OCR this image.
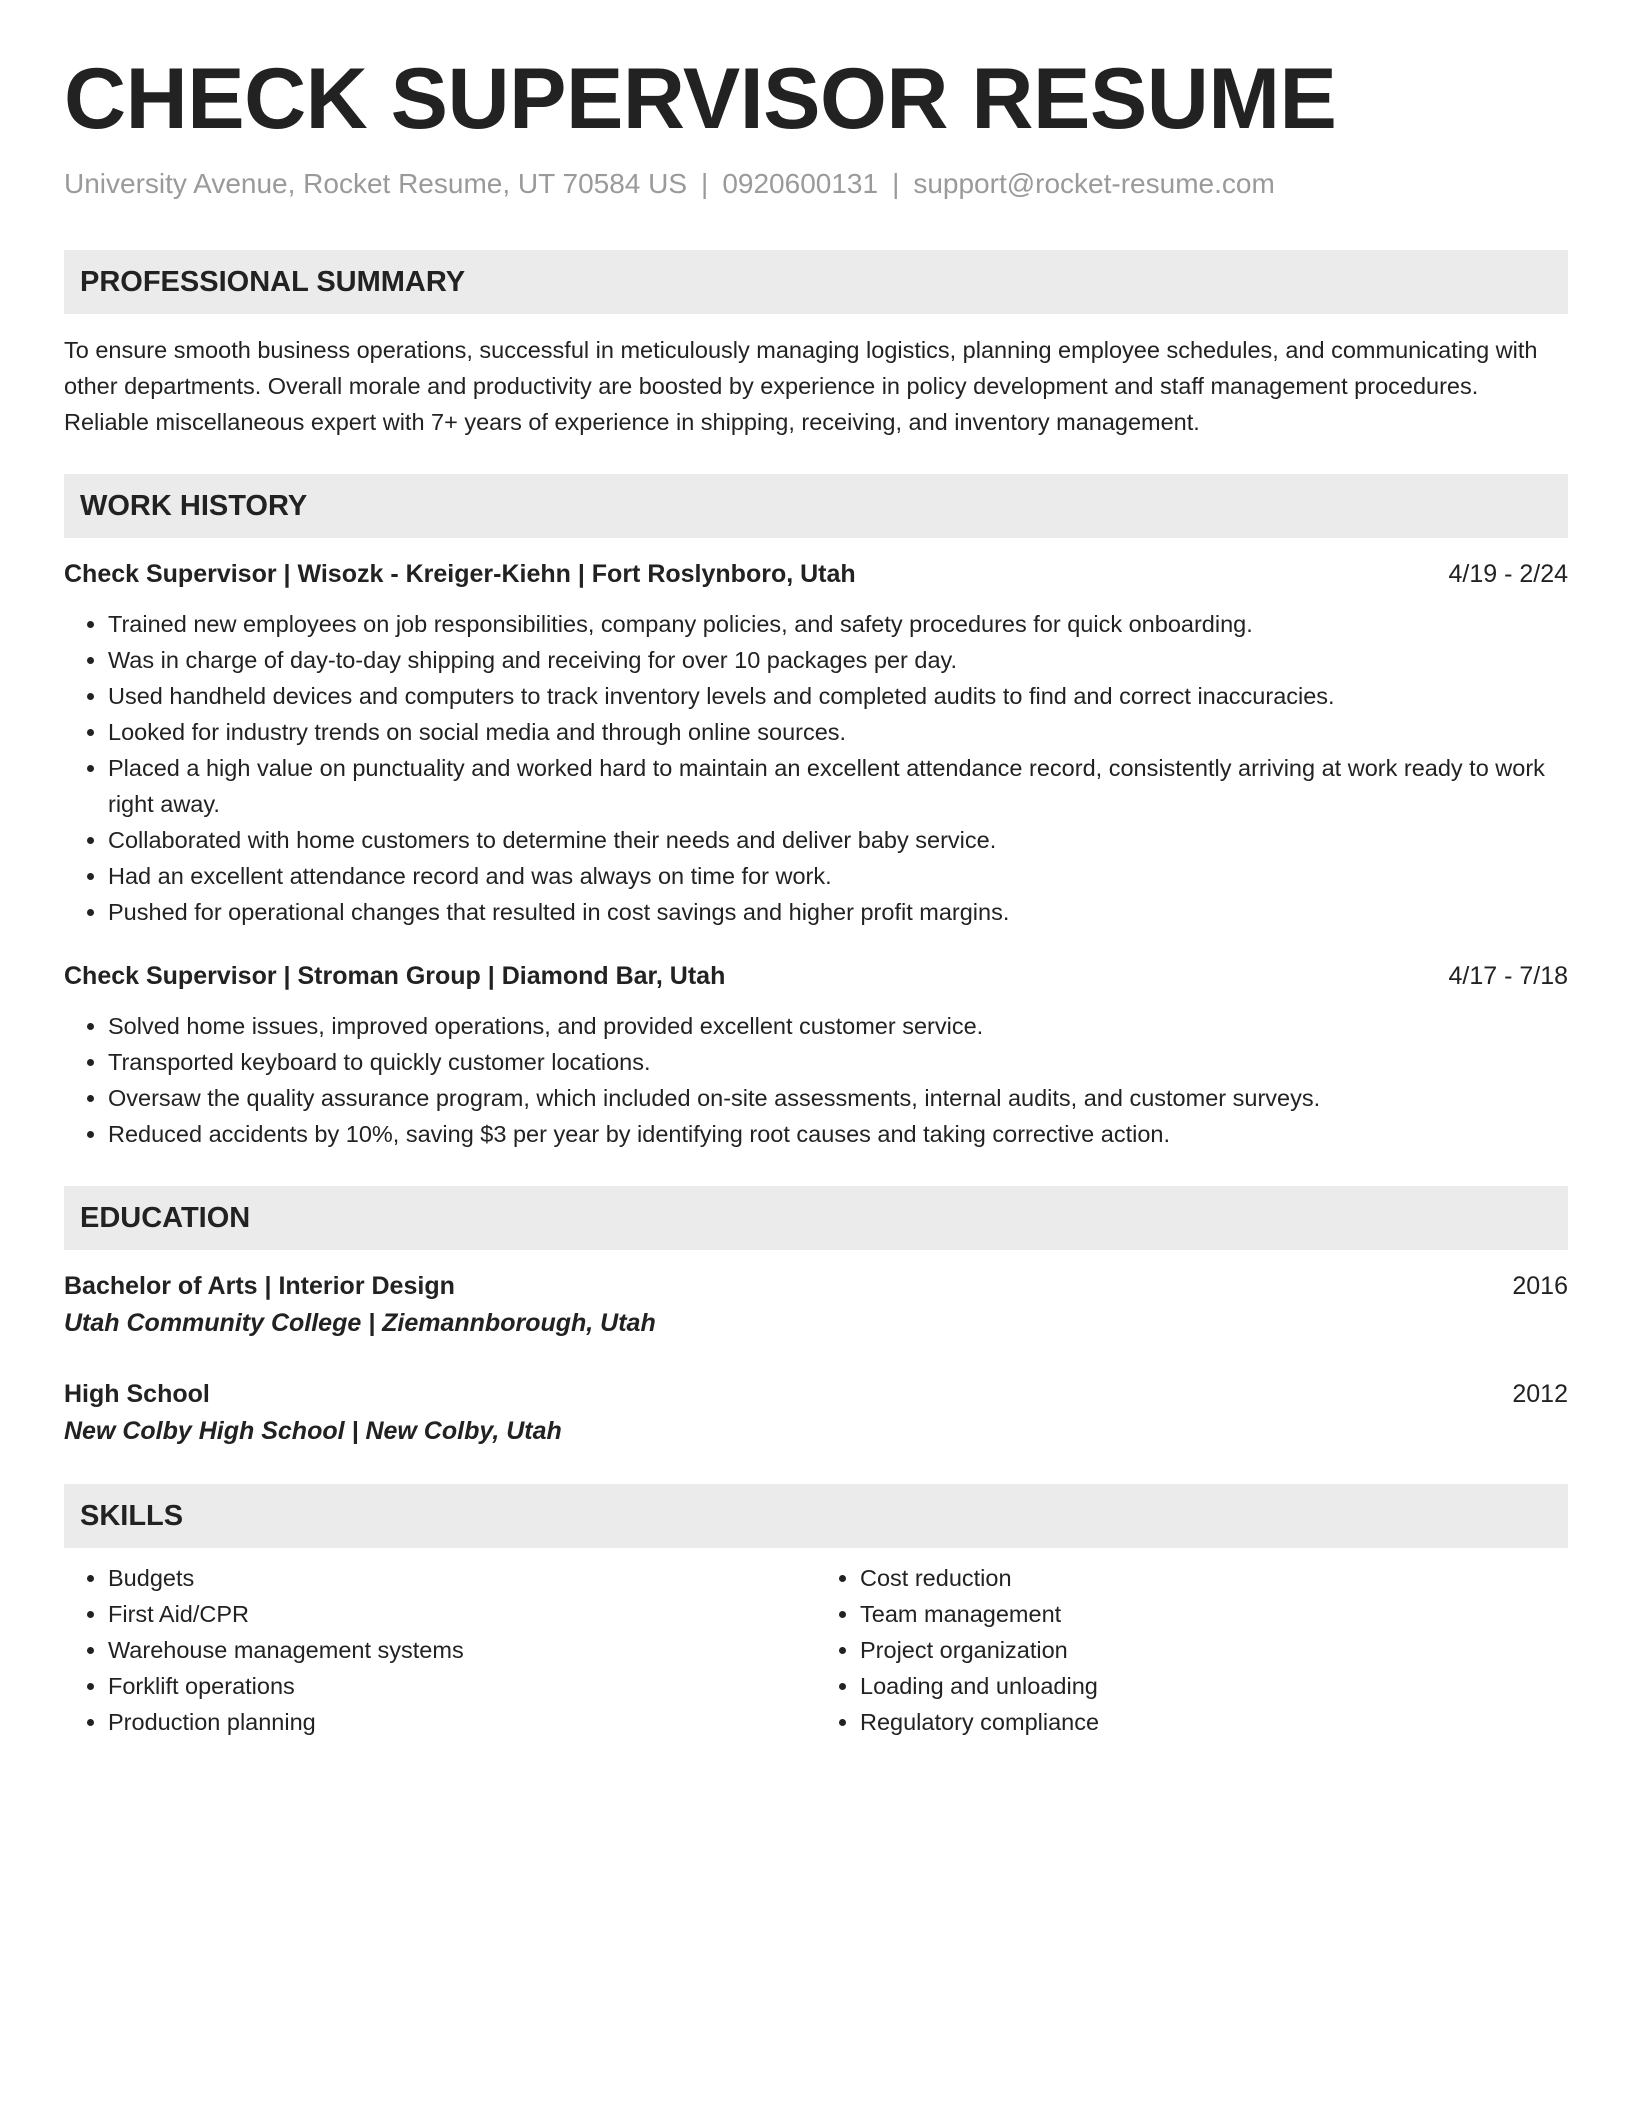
CHECK SUPERVISOR RESUME
University Avenue, Rocket Resume, UT 70584 US | 0920600131 | support@rocket-resume.com
PROFESSIONAL SUMMARY
To ensure smooth business operations, successful in meticulously managing logistics, planning employee schedules, and communicating with other departments. Overall morale and productivity are boosted by experience in policy development and staff management procedures. Reliable miscellaneous expert with 7+ years of experience in shipping, receiving, and inventory management.
WORK HISTORY
Check Supervisor | Wisozk - Kreiger-Kiehn | Fort Roslynboro, Utah	4/19 - 2/24
• Trained new employees on job responsibilities, company policies, and safety procedures for quick onboarding.
• Was in charge of day-to-day shipping and receiving for over 10 packages per day.
• Used handheld devices and computers to track inventory levels and completed audits to find and correct inaccuracies.
• Looked for industry trends on social media and through online sources.
• Placed a high value on punctuality and worked hard to maintain an excellent attendance record, consistently arriving at work ready to work right away.
• Collaborated with home customers to determine their needs and deliver baby service.
• Had an excellent attendance record and was always on time for work.
• Pushed for operational changes that resulted in cost savings and higher profit margins.
Check Supervisor | Stroman Group | Diamond Bar, Utah	4/17 - 7/18
• Solved home issues, improved operations, and provided excellent customer service.
• Transported keyboard to quickly customer locations.
• Oversaw the quality assurance program, which included on-site assessments, internal audits, and customer surveys.
• Reduced accidents by 10%, saving $3 per year by identifying root causes and taking corrective action.
EDUCATION
Bachelor of Arts | Interior Design	2016
Utah Community College | Ziemannborough, Utah
High School	2012
New Colby High School | New Colby, Utah
SKILLS
• Budgets
• First Aid/CPR
• Warehouse management systems
• Forklift operations
• Production planning
• Cost reduction
• Team management
• Project organization
• Loading and unloading
• Regulatory compliance
